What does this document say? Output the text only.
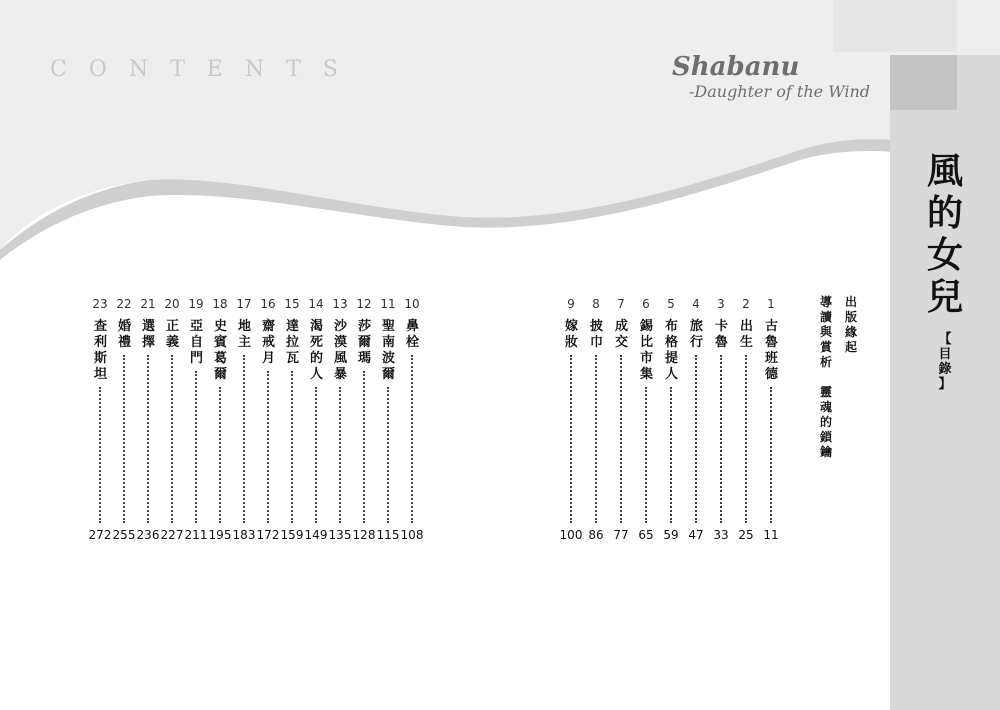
CONTENTS	Shabanu
-Daughter of the Wind
風
的
女
兒
【
目
錄
】
出
版
緣
起
導
讀
與
賞
析

靈
魂
的
鎖
鑰
1
古
魯
班
德
11
2
出
生
25
3
卡
魯
33
4
旅
行
47
5
布
格
提
人
59
6
錫
比
市
集
65
7
成
交
77
8
披
巾
86
9
嫁
妝
100
10
鼻
栓
108
11
聖
南
波
爾
115
12
莎
爾
瑪
128
13
沙
漠
風
暴
135
14
渴
死
的
人
149
15
達
拉
瓦
159
16
齋
戒
月
172
17
地
主
183
18
史
賓
葛
爾
195
19
亞
自
門
211
20
正
義
227
21
選
擇
236
22
婚
禮
255
23
查
利
斯
坦
272
